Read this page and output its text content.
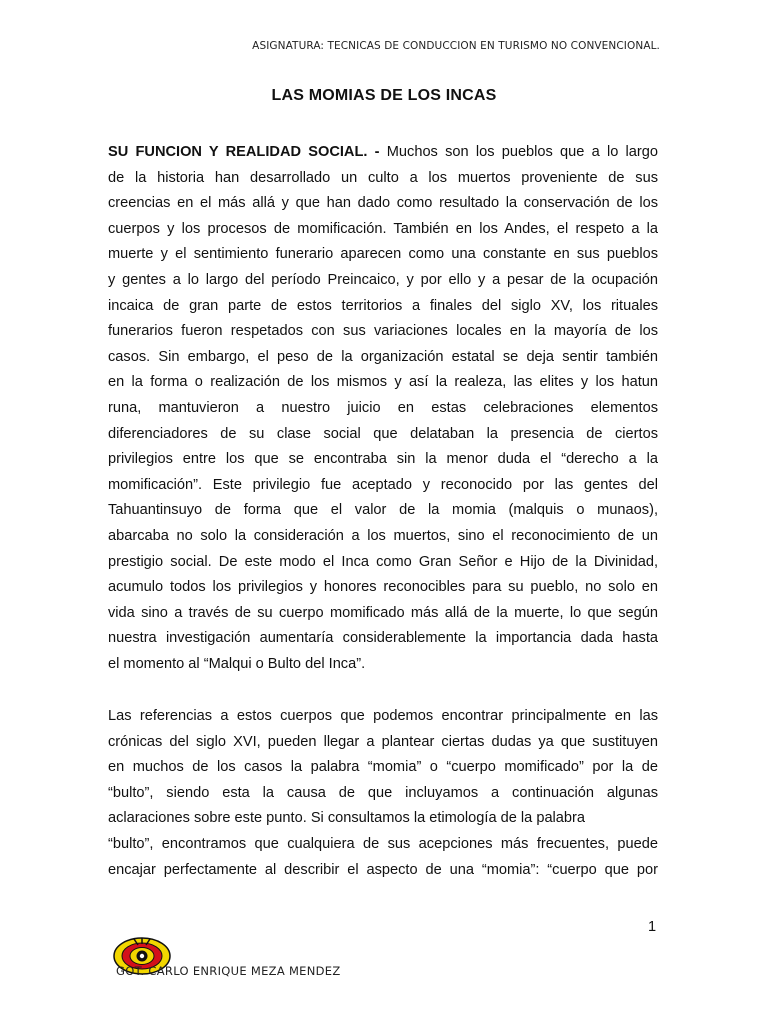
ASIGNATURA: TECNICAS DE CONDUCCION EN TURISMO NO CONVENCIONAL.
LAS MOMIAS DE LOS INCAS
SU FUNCION Y REALIDAD SOCIAL. - Muchos son los pueblos que a lo largo
de la historia han desarrollado un culto a los muertos proveniente de sus
creencias en el más allá y que han dado como resultado la conservación de los
cuerpos y los procesos de momificación. También en los Andes, el respeto a la
muerte y el sentimiento funerario aparecen como una constante en sus pueblos
y gentes a lo largo del período Preincaico, y por ello y a pesar de la ocupación
incaica de gran parte de estos territorios a finales del siglo XV, los rituales
funerarios fueron respetados con sus variaciones locales en la mayoría de los
casos. Sin embargo, el peso de la organización estatal se deja sentir también
en la forma o realización de los mismos y así la realeza, las elites y los hatun
runa, mantuvieron a nuestro juicio en estas celebraciones elementos
diferenciadores de su clase social que delataban la presencia de ciertos
privilegios entre los que se encontraba sin la menor duda el “derecho a la
momificación”. Este privilegio fue aceptado y reconocido por las gentes del
Tahuantinsuyo de forma que el valor de la momia (malquis o munaos),
abarcaba no solo la consideración a los muertos, sino el reconocimiento de un
prestigio social. De este modo el Inca como Gran Señor e Hijo de la Divinidad,
acumulo todos los privilegios y honores reconocibles para su pueblo, no solo en
vida sino a través de su cuerpo momificado más allá de la muerte, lo que según
nuestra investigación aumentaría considerablemente la importancia dada hasta
el momento al “Malqui o Bulto del Inca”.
Las referencias a estos cuerpos que podemos encontrar principalmente en las
crónicas del siglo XVI, pueden llegar a plantear ciertas dudas ya que sustituyen
en muchos de los casos la palabra “momia” o “cuerpo momificado” por la de
“bulto”, siendo esta la causa de que incluyamos a continuación algunas
aclaraciones sobre este punto. Si consultamos la etimología de la palabra
“bulto”, encontramos que cualquiera de sus acepciones más frecuentes, puede
encajar perfectamente al describir el aspecto de una “momia”: “cuerpo que por
1
GOT. CARLO ENRIQUE MEZA MENDEZ
